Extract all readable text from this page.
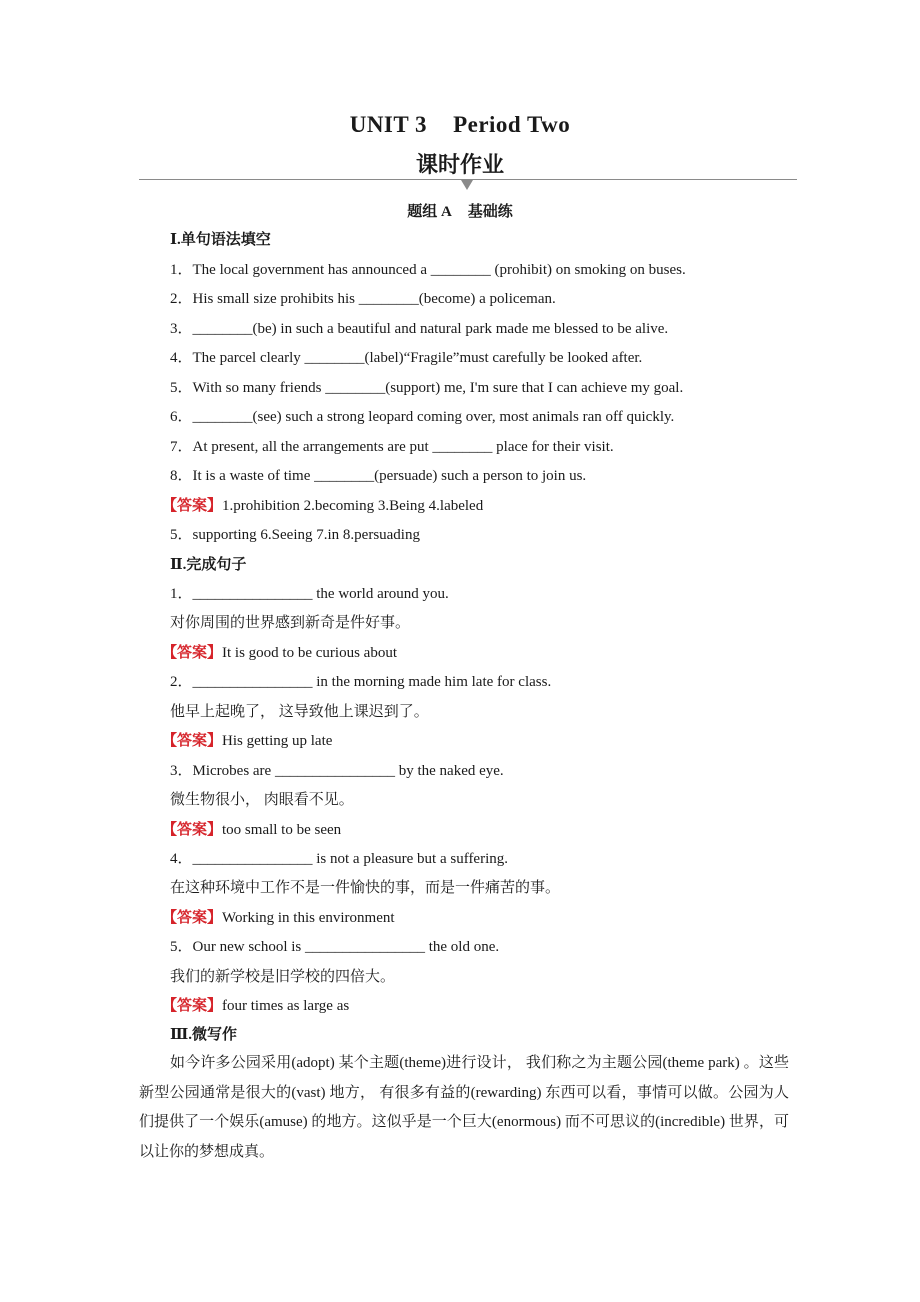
UNIT 3 Period Two
课时作业
题组 A 基础练
Ⅰ.单句语法填空
1．The local government has announced a ________ (prohibit) on smoking on buses.
2．His small size prohibits his ________(become) a policeman.
3．________(be) in such a beautiful and natural park made me blessed to be alive.
4．The parcel clearly ________(label)“Fragile”must carefully be looked after.
5．With so many friends ________(support) me, I'm sure that I can achieve my goal.
6．________(see) such a strong leopard coming over, most animals ran off quickly.
7．At present, all the arrangements are put ________ place for their visit.
8．It is a waste of time ________(persuade) such a person to join us.
【答案】1.prohibition 2.becoming 3.Being 4.labeled
5．supporting 6.Seeing 7.in 8.persuading
Ⅱ.完成句子
1．________________ the world around you.
对你周围的世界感到新奇是件好事。
【答案】It is good to be curious about
2．________________ in the morning made him late for class.
他早上起晚了， 这导致他上课迟到了。
【答案】His getting up late
3．Microbes are ________________ by the naked eye.
微生物很小， 肉眼看不见。
【答案】too small to be seen
4．________________ is not a pleasure but a suffering.
在这种环境中工作不是一件愉快的事，而是一件痛苦的事。
【答案】Working in this environment
5．Our new school is ________________ the old one.
我们的新学校是旧学校的四倍大。
【答案】four times as large as
Ⅲ.微写作
如今许多公园采用(adopt) 某个主题(theme)进行设计， 我们称之为主题公园(theme park) 。这些新型公园通常是很大的(vast) 地方， 有很多有益的(rewarding) 东西可以看，事情可以做。公园为人们提供了一个娱乐(amuse) 的地方。这似乎是一个巨大(enormous) 而不可思议的(incredible) 世界，可以让你的梦想成真。
